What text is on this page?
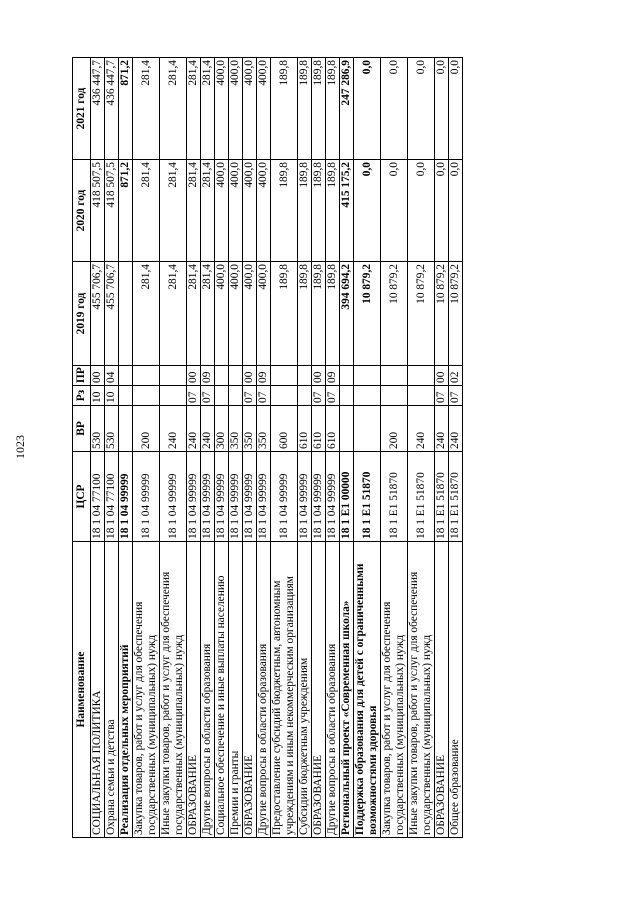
1023
Наименование	ЦСР	ВР	Рз	ПР	2019 год	2020 год	2021 год
СОЦИАЛЬНАЯ ПОЛИТИКА	18 1 04 77100	530	10	00	455 706,7	418 507,5	436 447,7
Охрана семьи и детства	18 1 04 77100	530	10	04	455 706,7	418 507,5	436 447,7
Реализация отдельных мероприятий	18 1 04 99999					871,2	871,2
Закупка товаров, работ и услуг для обеспечения государственных (муниципальных) нужд	18 1 04 99999	200			281,4	281,4	281,4
Иные закупки товаров, работ и услуг для обеспечения государственных (муниципальных) нужд	18 1 04 99999	240			281,4	281,4	281,4
ОБРАЗОВАНИЕ	18 1 04 99999	240	07	00	281,4	281,4	281,4
Другие вопросы в области образования	18 1 04 99999	240	07	09	281,4	281,4	281,4
Социальное обеспечение и иные выплаты населению	18 1 04 99999	300			400,0	400,0	400,0
Премии и гранты	18 1 04 99999	350			400,0	400,0	400,0
ОБРАЗОВАНИЕ	18 1 04 99999	350	07	00	400,0	400,0	400,0
Другие вопросы в области образования	18 1 04 99999	350	07	09	400,0	400,0	400,0
Предоставление субсидий бюджетным, автономным учреждениям и иным некоммерческим организациям	18 1 04 99999	600			189,8	189,8	189,8
Субсидии бюджетным учреждениям	18 1 04 99999	610			189,8	189,8	189,8
ОБРАЗОВАНИЕ	18 1 04 99999	610	07	00	189,8	189,8	189,8
Другие вопросы в области образования	18 1 04 99999	610	07	09	189,8	189,8	189,8
Региональный проект «Современная школа»	18 1 E1 00000				394 694,2	415 175,2	247 286,9
Поддержка образования для детей с ограниченными возможностями здоровья	18 1 E1 51870				10 879,2	0,0	0,0
Закупка товаров, работ и услуг для обеспечения государственных (муниципальных) нужд	18 1 E1 51870	200			10 879,2	0,0	0,0
Иные закупки товаров, работ и услуг для обеспечения государственных (муниципальных) нужд	18 1 E1 51870	240			10 879,2	0,0	0,0
ОБРАЗОВАНИЕ	18 1 E1 51870	240	07	00	10 879,2	0,0	0,0
Общее образование	18 1 E1 51870	240	07	02	10 879,2	0,0	0,0
